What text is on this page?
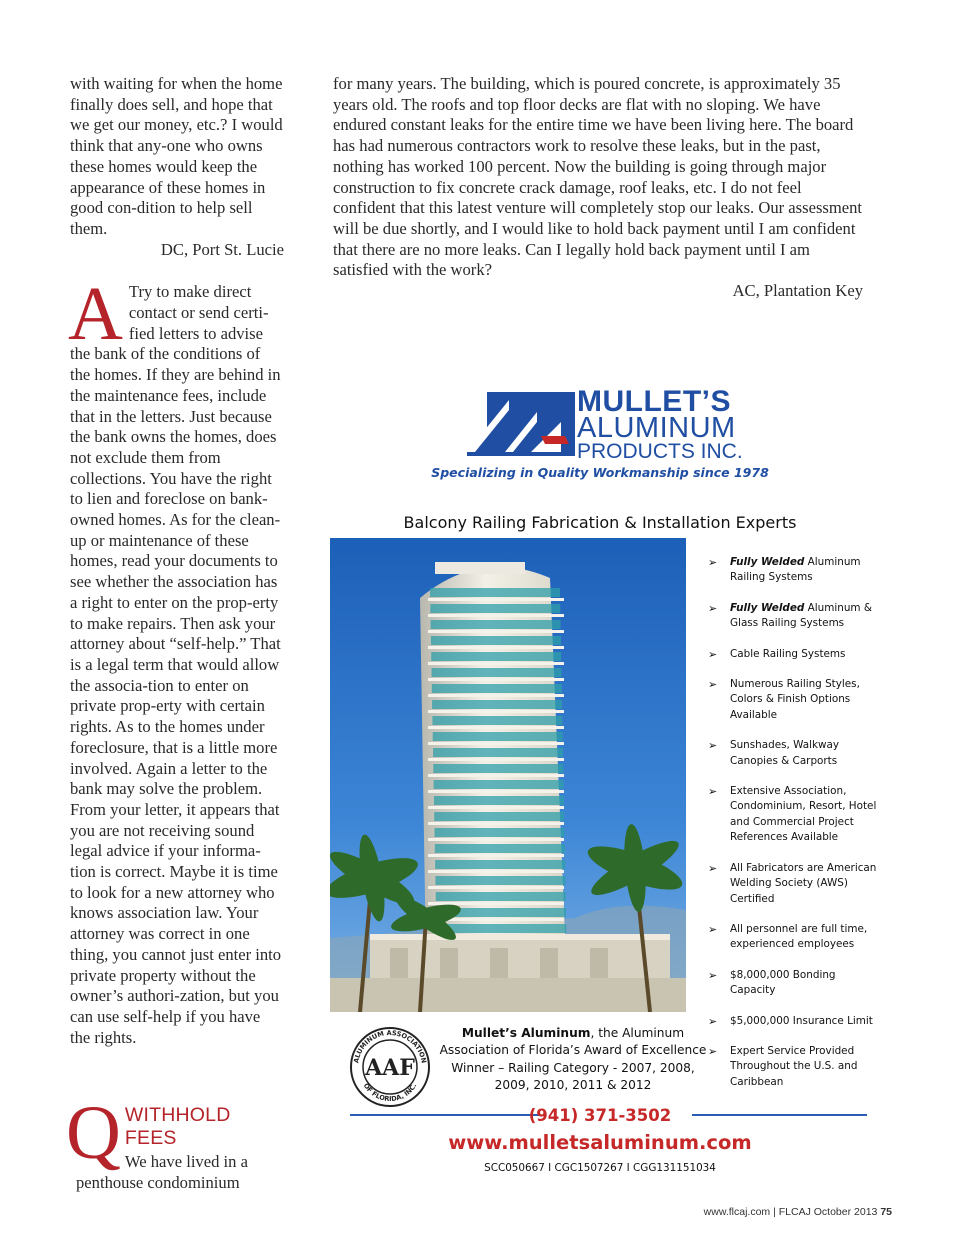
with waiting for when the home finally does sell, and hope that we get our money, etc.? I would think that any-one who owns these homes would keep the appearance of these homes in good con-dition to help sell them.

DC, Port St. Lucie

A Try to make direct contact or send certi-fied letters to advise the bank of the conditions of the homes. If they are behind in the maintenance fees, include that in the letters. Just because the bank owns the homes, does not exclude them from collections. You have the right to lien and foreclose on bank-owned homes. As for the clean-up or maintenance of these homes, read your documents to see whether the association has a right to enter on the prop-erty to make repairs. Then ask your attorney about “self-help.” That is a legal term that would allow the associa-tion to enter on private prop-erty with certain rights. As to the homes under foreclosure, that is a little more involved. Again a letter to the bank may solve the problem. From your letter, it appears that you are not receiving sound legal advice if your informa-tion is correct. Maybe it is time to look for a new attorney who knows association law. Your attorney was correct in one thing, you cannot just enter into private property without the owner’s authori-zation, but you can use self-help if you have the rights.

Q WITHHOLD FEES
We have lived in a penthouse condominium

for many years. The building, which is poured concrete, is approximately 35 years old. The roofs and top floor decks are flat with no sloping. We have endured constant leaks for the entire time we have been living here. The board has had numerous contractors work to resolve these leaks, but in the past, nothing has worked 100 percent. Now the building is going through major construction to fix concrete crack damage, roof leaks, etc. I do not feel confident that this latest venture will completely stop our leaks. Our assessment will be due shortly, and I would like to hold back payment until I am confident that there are no more leaks. Can I legally hold back payment until I am satisfied with the work?

AC, Plantation Key

MULLET’S
ALUMINUM
PRODUCTS INC.
Specializing in Quality Workmanship since 1978
Balcony Railing Fabrication & Installation Experts
➢ Fully Welded Aluminum Railing Systems
➢ Fully Welded Aluminum & Glass Railing Systems
➢ Cable Railing Systems
➢ Numerous Railing Styles, Colors & Finish Options Available
➢ Sunshades, Walkway Canopies & Carports
➢ Extensive Association, Condominium, Resort, Hotel and Commercial Project References Available
➢ All Fabricators are American Welding Society (AWS) Certified
➢ All personnel are full time, experienced employees
➢ $8,000,000 Bonding Capacity
➢ $5,000,000 Insurance Limit
➢ Expert Service Provided Throughout the U.S. and Caribbean
ALUMINUM ASSOCIATION
OF FLORIDA, INC.
AAF
Mullet’s Aluminum, the Aluminum Association of Florida’s Award of Excellence Winner – Railing Category - 2007, 2008, 2009, 2010, 2011 & 2012
(941) 371-3502
www.mulletsaluminum.com
SCC050667 I CGC1507267 I CGG131151034
www.flcaj.com | FLCAJ October 2013 75
